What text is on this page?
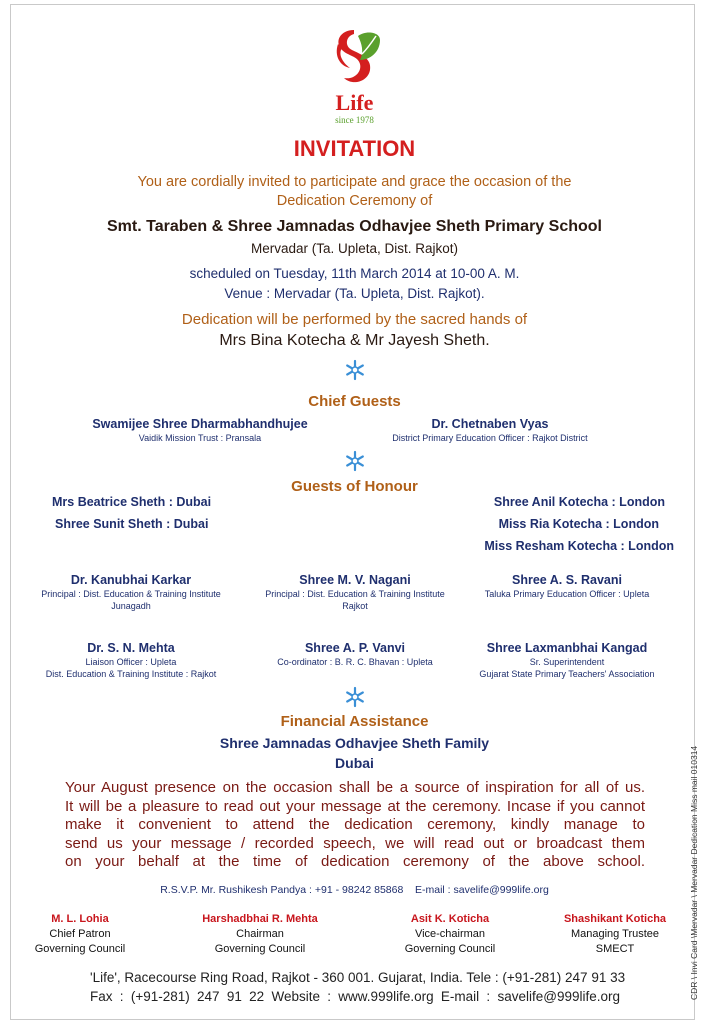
Life
since 1978
INVITATION
You are cordially invited to participate and grace the occasion of the
Dedication Ceremony of
Smt. Taraben & Shree Jamnadas Odhavjee Sheth Primary School
Mervadar (Ta. Upleta, Dist. Rajkot)
scheduled on Tuesday, 11th March 2014 at 10-00 A. M.
Venue : Mervadar (Ta. Upleta, Dist. Rajkot).
Dedication will be performed by the sacred hands of
Mrs Bina Kotecha & Mr Jayesh Sheth.
Chief Guests
Swamijee Shree Dharmabhandhujee
Vaidik Mission Trust : Pransala
Dr. Chetnaben Vyas
District Primary Education Officer : Rajkot District
Guests of Honour
Mrs Beatrice Sheth : Dubai
Shree Sunit Sheth : Dubai
Shree Anil Kotecha : London
Miss Ria Kotecha : London
Miss Resham Kotecha : London
Dr. Kanubhai Karkar
Principal : Dist. Education & Training Institute
Junagadh
Shree M. V. Nagani
Principal : Dist. Education & Training Institute
Rajkot
Shree A. S. Ravani
Taluka Primary Education Officer : Upleta
Dr. S. N. Mehta
Liaison Officer : Upleta
Dist. Education & Training Institute : Rajkot
Shree A. P. Vanvi
Co-ordinator : B. R. C. Bhavan : Upleta
Shree Laxmanbhai Kangad
Sr. Superintendent
Gujarat State Primary Teachers' Association
Financial Assistance
Shree Jamnadas Odhavjee Sheth Family
Dubai
Your August presence on the occasion shall be a source of inspiration for all of us.
It will be a pleasure to read out your message at the ceremony. Incase if you cannot
make it convenient to attend the dedication ceremony, kindly manage to
send us your message / recorded speech, we will read out or broadcast them
on your behalf at the time of dedication ceremony of the above school.
R.S.V.P. Mr. Rushikesh Pandya : +91 - 98242 85868    E-mail : savelife@999life.org
M. L. Lohia
Chief Patron
Governing Council
Harshadbhai R. Mehta
Chairman
Governing Council
Asit K. Koticha
Vice-chairman
Governing Council
Shashikant Koticha
Managing Trustee
SMECT
'Life', Racecourse Ring Road, Rajkot - 360 001. Gujarat, India. Tele : (+91-281) 247 91 33
Fax : (+91-281) 247 91 22 Website : www.999life.org E-mail : savelife@999life.org	CDR \ Invi Card \Mervadar \ Mervadar Dedication Miss mail 010314
